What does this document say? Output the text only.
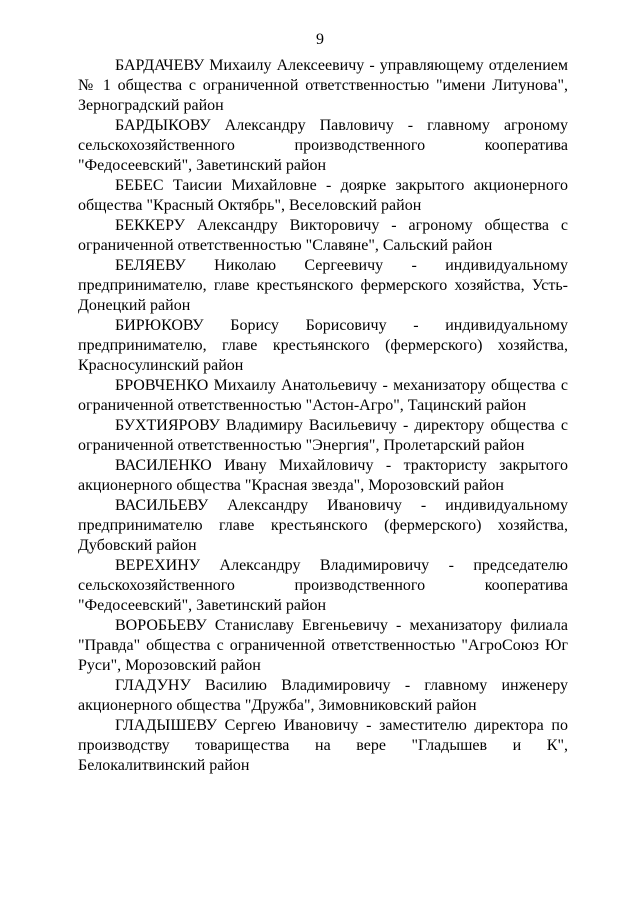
9

БАРДАЧЕВУ Михаилу Алексеевичу - управляющему отделением № 1 общества с ограниченной ответственностью "имени Литунова", Зерноградский район

БАРДЫКОВУ Александру Павловичу - главному агроному сельскохозяйственного производственного кооператива "Федосеевский", Заветинский район

БЕБЕС Таисии Михайловне - доярке закрытого акционерного общества "Красный Октябрь", Веселовский район

БЕККЕРУ Александру Викторовичу - агроному общества с ограниченной ответственностью "Славяне", Сальский район

БЕЛЯЕВУ Николаю Сергеевичу - индивидуальному предпринимателю, главе крестьянского фермерского хозяйства, Усть-Донецкий район

БИРЮКОВУ Борису Борисовичу - индивидуальному предпринимателю, главе крестьянского (фермерского) хозяйства, Красносулинский район

БРОВЧЕНКО Михаилу Анатольевичу - механизатору общества с ограниченной ответственностью "Астон-Агро", Тацинский район

БУХТИЯРОВУ Владимиру Васильевичу - директору общества с ограниченной ответственностью "Энергия", Пролетарский район

ВАСИЛЕНКО Ивану Михайловичу - трактористу закрытого акционерного общества "Красная звезда", Морозовский район

ВАСИЛЬЕВУ Александру Ивановичу - индивидуальному предпринимателю главе крестьянского (фермерского) хозяйства, Дубовский район

ВЕРЕХИНУ Александру Владимировичу - председателю сельскохозяйственного производственного кооператива "Федосеевский", Заветинский район

ВОРОБЬЕВУ Станиславу Евгеньевичу - механизатору филиала "Правда" общества с ограниченной ответственностью "АгроСоюз Юг Руси", Морозовский район

ГЛАДУНУ Василию Владимировичу - главному инженеру акционерного общества "Дружба", Зимовниковский район

ГЛАДЫШЕВУ Сергею Ивановичу - заместителю директора по производству товарищества на вере "Гладышев и К", Белокалитвинский район
